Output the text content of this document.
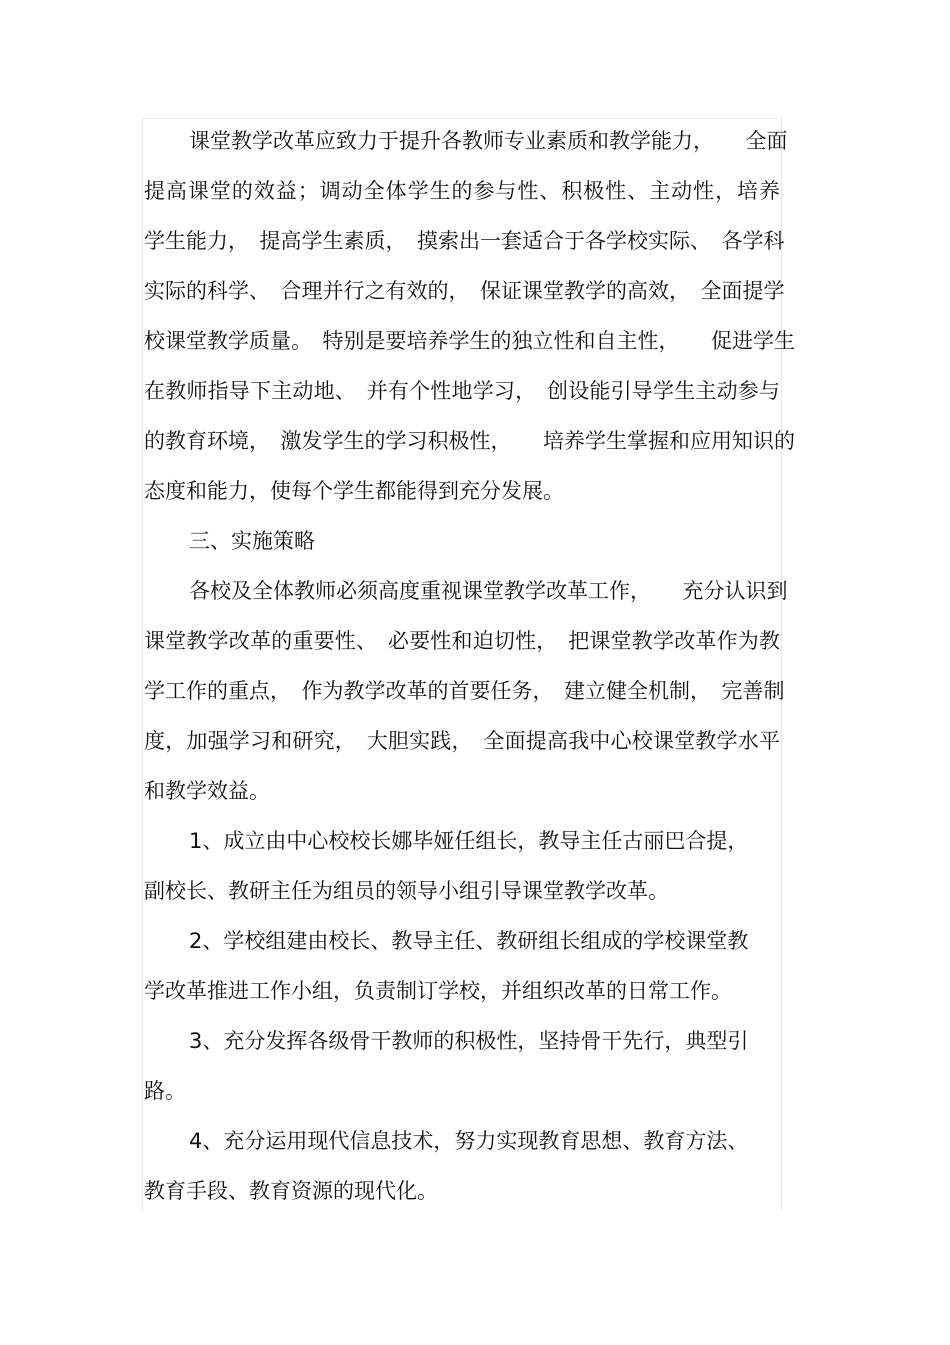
课堂教学改革应致力于提升各教师专业素质和教学能力，　　全面
提高课堂的效益；调动全体学生的参与性、积极性、主动性，培养
学生能力，　提高学生素质，　摸索出一套适合于各学校实际、　各学科
实际的科学、　合理并行之有效的，　保证课堂教学的高效，　全面提学
校课堂教学质量。　特别是要培养学生的独立性和自主性，　　促进学生
在教师指导下主动地、　并有个性地学习，　创设能引导学生主动参与
的教育环境，　激发学生的学习积极性，　　培养学生掌握和应用知识的
态度和能力，使每个学生都能得到充分发展。
三、实施策略
各校及全体教师必须高度重视课堂教学改革工作，　　充分认识到
课堂教学改革的重要性、　必要性和迫切性，　把课堂教学改革作为教
学工作的重点，　作为教学改革的首要任务，　建立健全机制，　完善制
度，加强学习和研究，　大胆实践，　全面提高我中心校课堂教学水平
和教学效益。
1、成立由中心校校长娜毕娅任组长，教导主任古丽巴合提，
副校长、教研主任为组员的领导小组引导课堂教学改革。
2、学校组建由校长、教导主任、教研组长组成的学校课堂教
学改革推进工作小组，负责制订学校，并组织改革的日常工作。
3、充分发挥各级骨干教师的积极性，坚持骨干先行，典型引
路。
4、充分运用现代信息技术，努力实现教育思想、教育方法、
教育手段、教育资源的现代化。
